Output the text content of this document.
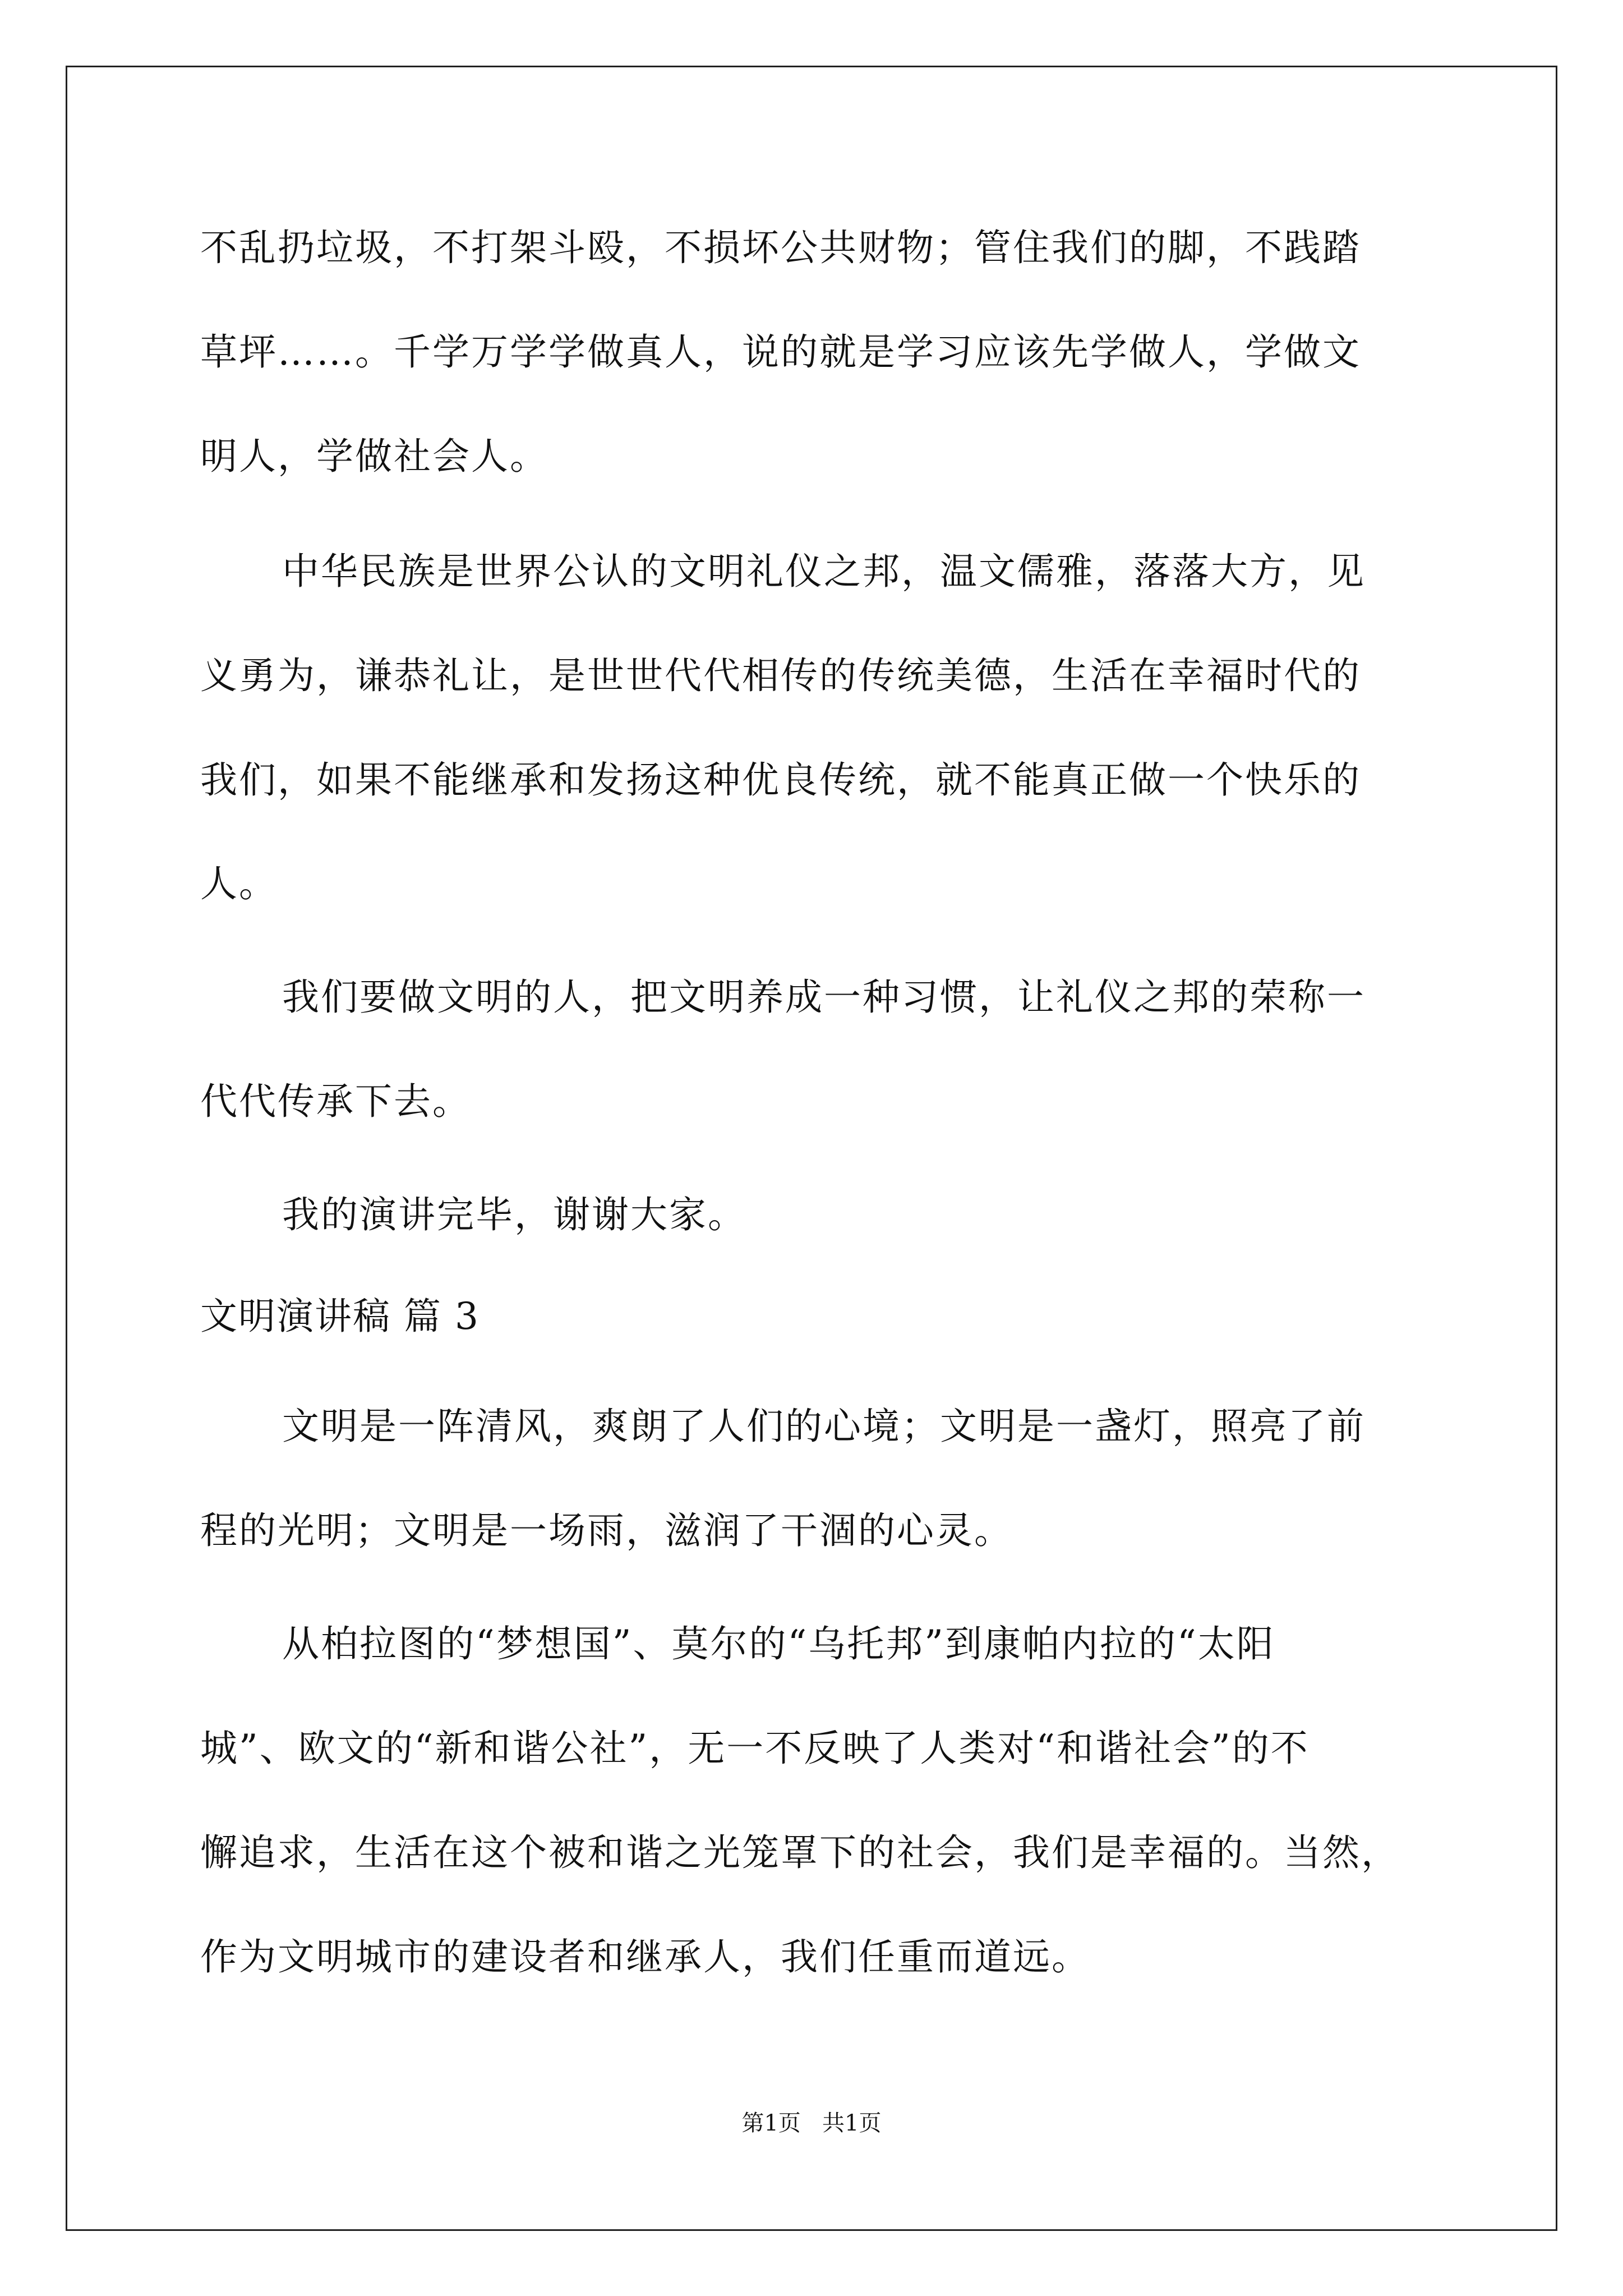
不乱扔垃圾，不打架斗殴，不损坏公共财物；管住我们的脚，不践踏
草坪……。千学万学学做真人，说的就是学习应该先学做人，学做文
明人，学做社会人。
中华民族是世界公认的文明礼仪之邦，温文儒雅，落落大方，见
义勇为，谦恭礼让，是世世代代相传的传统美德，生活在幸福时代的
我们，如果不能继承和发扬这种优良传统，就不能真正做一个快乐的
人。
我们要做文明的人，把文明养成一种习惯，让礼仪之邦的荣称一
代代传承下去。
我的演讲完毕，谢谢大家。
文明演讲稿 篇 3
文明是一阵清风，爽朗了人们的心境；文明是一盏灯，照亮了前
程的光明；文明是一场雨，滋润了干涸的心灵。
从柏拉图的“梦想国”、莫尔的“乌托邦”到康帕内拉的“太阳
城”、欧文的“新和谐公社”，无一不反映了人类对“和谐社会”的不
懈追求，生活在这个被和谐之光笼罩下的社会，我们是幸福的。当然，
作为文明城市的建设者和继承人，我们任重而道远。
第1页   共1页
